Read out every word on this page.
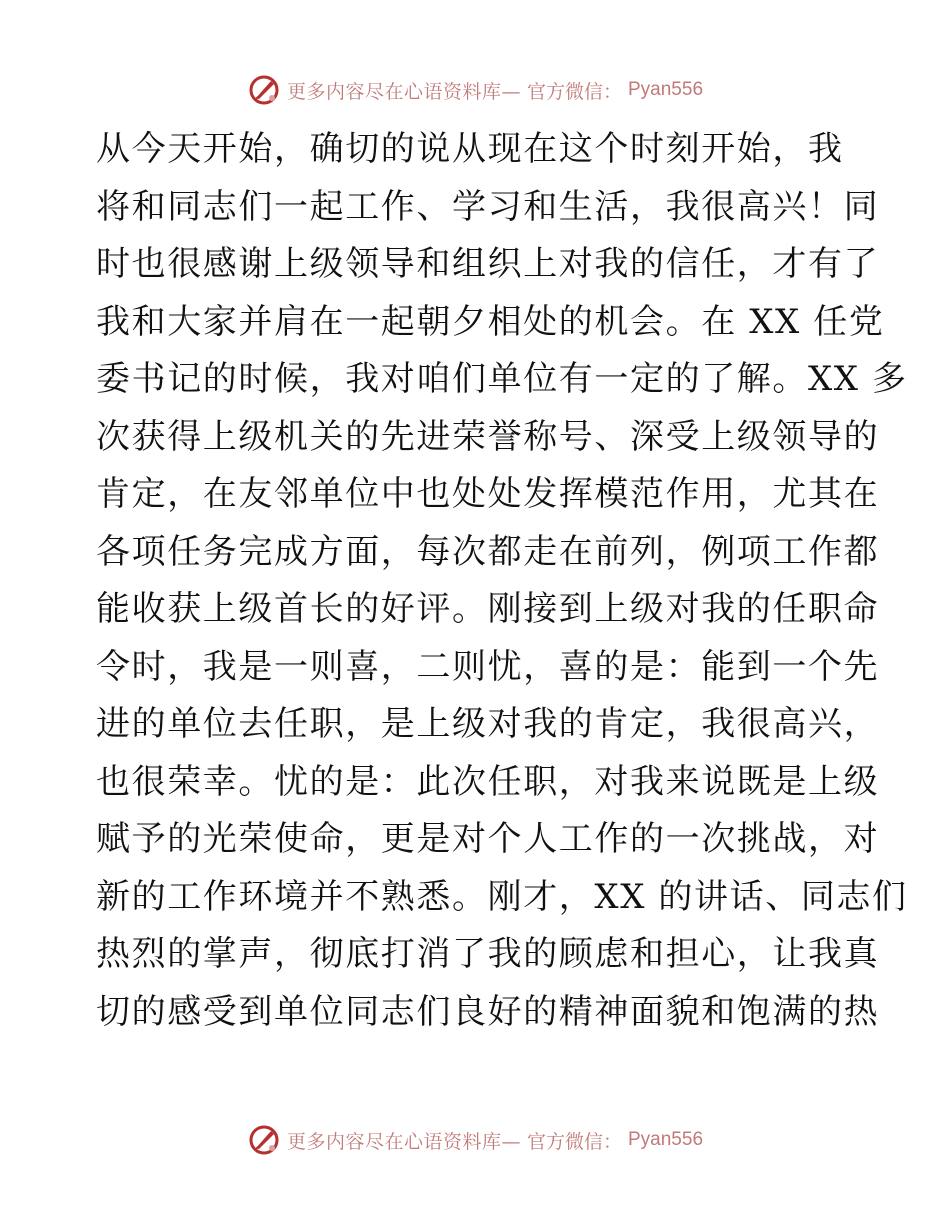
更多内容尽在心语资料库— 官方微信： Pyan556
从今天开始，确切的说从现在这个时刻开始，我
将和同志们一起工作、学习和生活，我很高兴！同
时也很感谢上级领导和组织上对我的信任，才有了
我和大家并肩在一起朝夕相处的机会。在 XX 任党
委书记的时候，我对咱们单位有一定的了解。XX 多
次获得上级机关的先进荣誉称号、深受上级领导的
肯定，在友邻单位中也处处发挥模范作用，尤其在
各项任务完成方面，每次都走在前列，例项工作都
能收获上级首长的好评。刚接到上级对我的任职命
令时，我是一则喜，二则忧，喜的是：能到一个先
进的单位去任职，是上级对我的肯定，我很高兴，
也很荣幸。忧的是：此次任职，对我来说既是上级
赋予的光荣使命，更是对个人工作的一次挑战，对
新的工作环境并不熟悉。刚才，XX 的讲话、同志们
热烈的掌声，彻底打消了我的顾虑和担心，让我真
切的感受到单位同志们良好的精神面貌和饱满的热
更多内容尽在心语资料库— 官方微信： Pyan556
